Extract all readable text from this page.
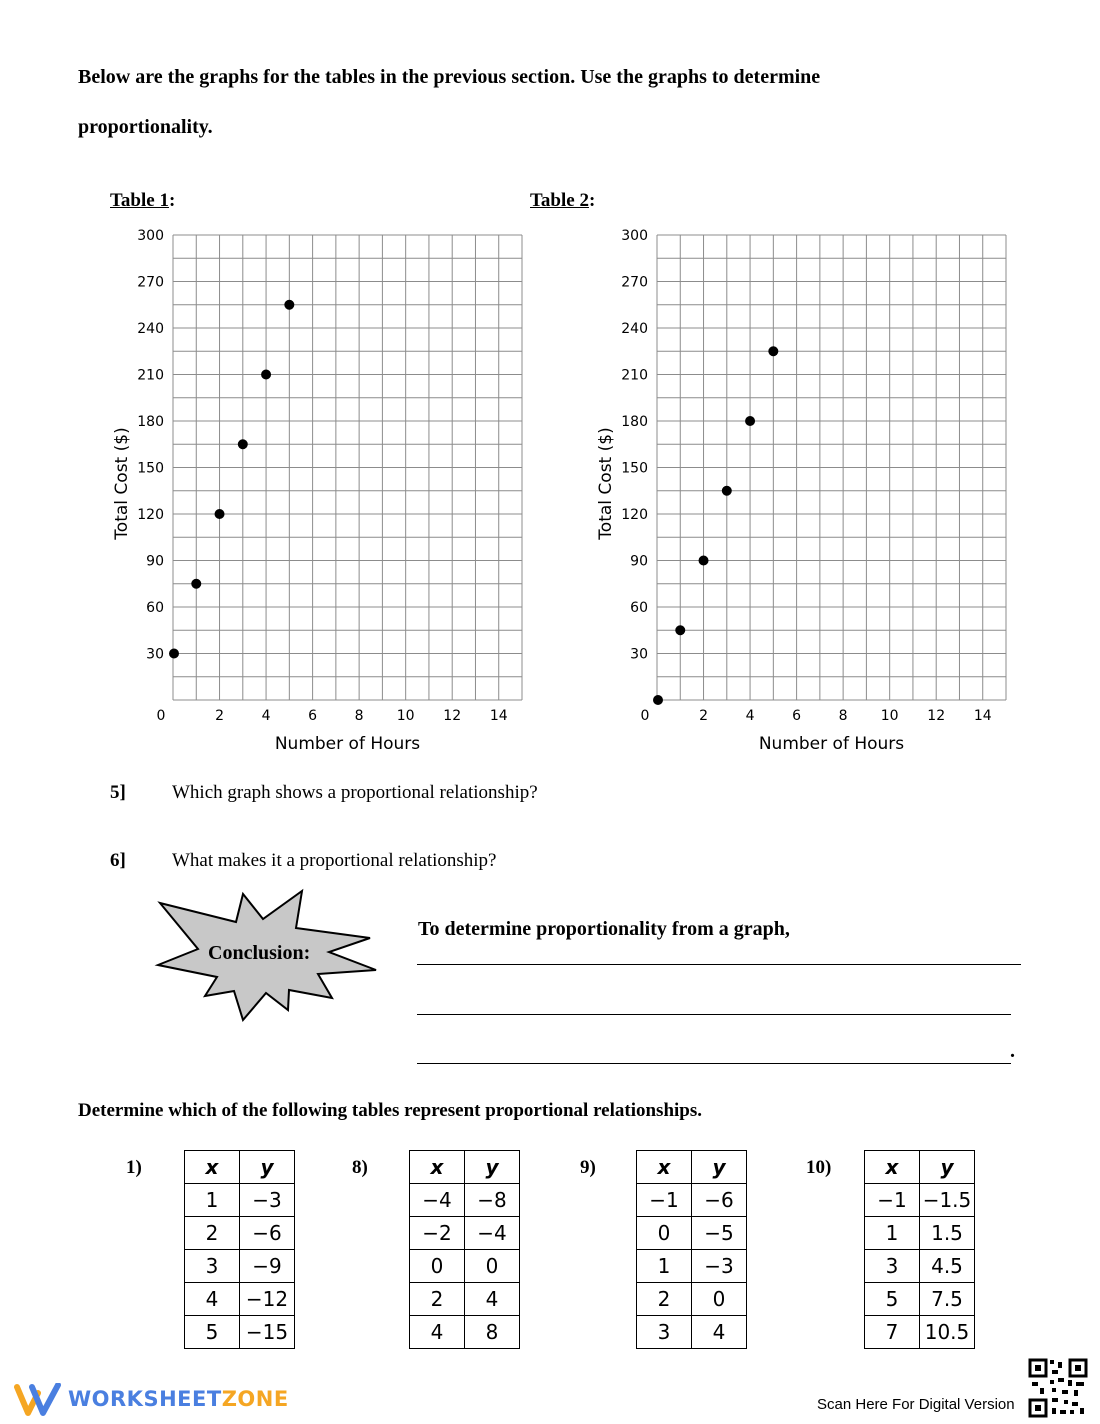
Below are the graphs for the tables in the previous section. Use the graphs to determine
proportionality.
Table 1:
30
60
90
120
150
180
210
240
270
300
0	2	4	6	8 10 12 14
Number of Hours
Total Cost ($)
Table 2:
30
60
90
120
150
180
210
240
270
300
0	2	4	6	8 10 12 14
Number of Hours
Total Cost ($)
5] Which graph shows a proportional relationship?
6] What makes it a proportional relationship?
Conclusion:
To determine proportionality from a graph,
.
Determine which of the following tables represent proportional relationships.
1)	8)	9)	10)
x	y
1	−3
2	−6
3	−9
4	−12
5	−15
x	y
−4	−8
−2	−4
0	0
2	4
4	8
x	y
−1	−6
0	−5
1	−3
2	0
3	4
x	y
−1	−1.5
1	1.5
3	4.5
5	7.5
7	10.5
WORKSHEETZONE	Scan Here For Digital Version
